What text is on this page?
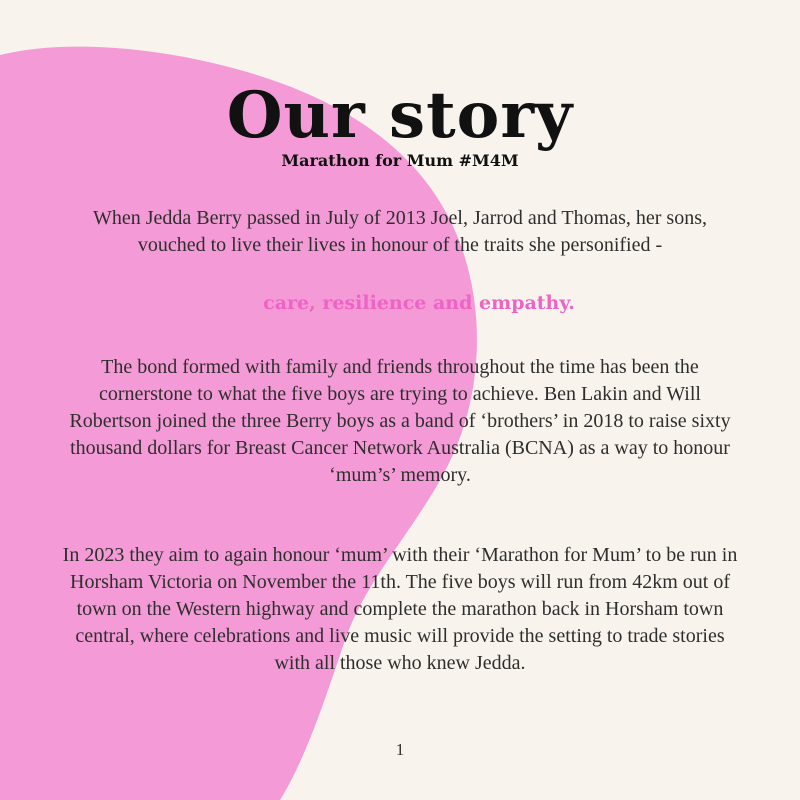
Our story
Marathon for Mum #M4M

When Jedda Berry passed in July of 2013 Joel, Jarrod and Thomas, her sons, vouched to live their lives in honour of the traits she personified -

care, resilience and empathy.

The bond formed with family and friends throughout the time has been the cornerstone to what the five boys are trying to achieve. Ben Lakin and Will Robertson joined the three Berry boys as a band of ‘brothers’ in 2018 to raise sixty thousand dollars for Breast Cancer Network Australia (BCNA) as a way to honour ‘mum’s’ memory.

In 2023 they aim to again honour ‘mum’ with their ‘Marathon for Mum’ to be run in Horsham Victoria on November the 11th. The five boys will run from 42km out of town on the Western highway and complete the marathon back in Horsham town central, where celebrations and live music will provide the setting to trade stories with all those who knew Jedda.

1
